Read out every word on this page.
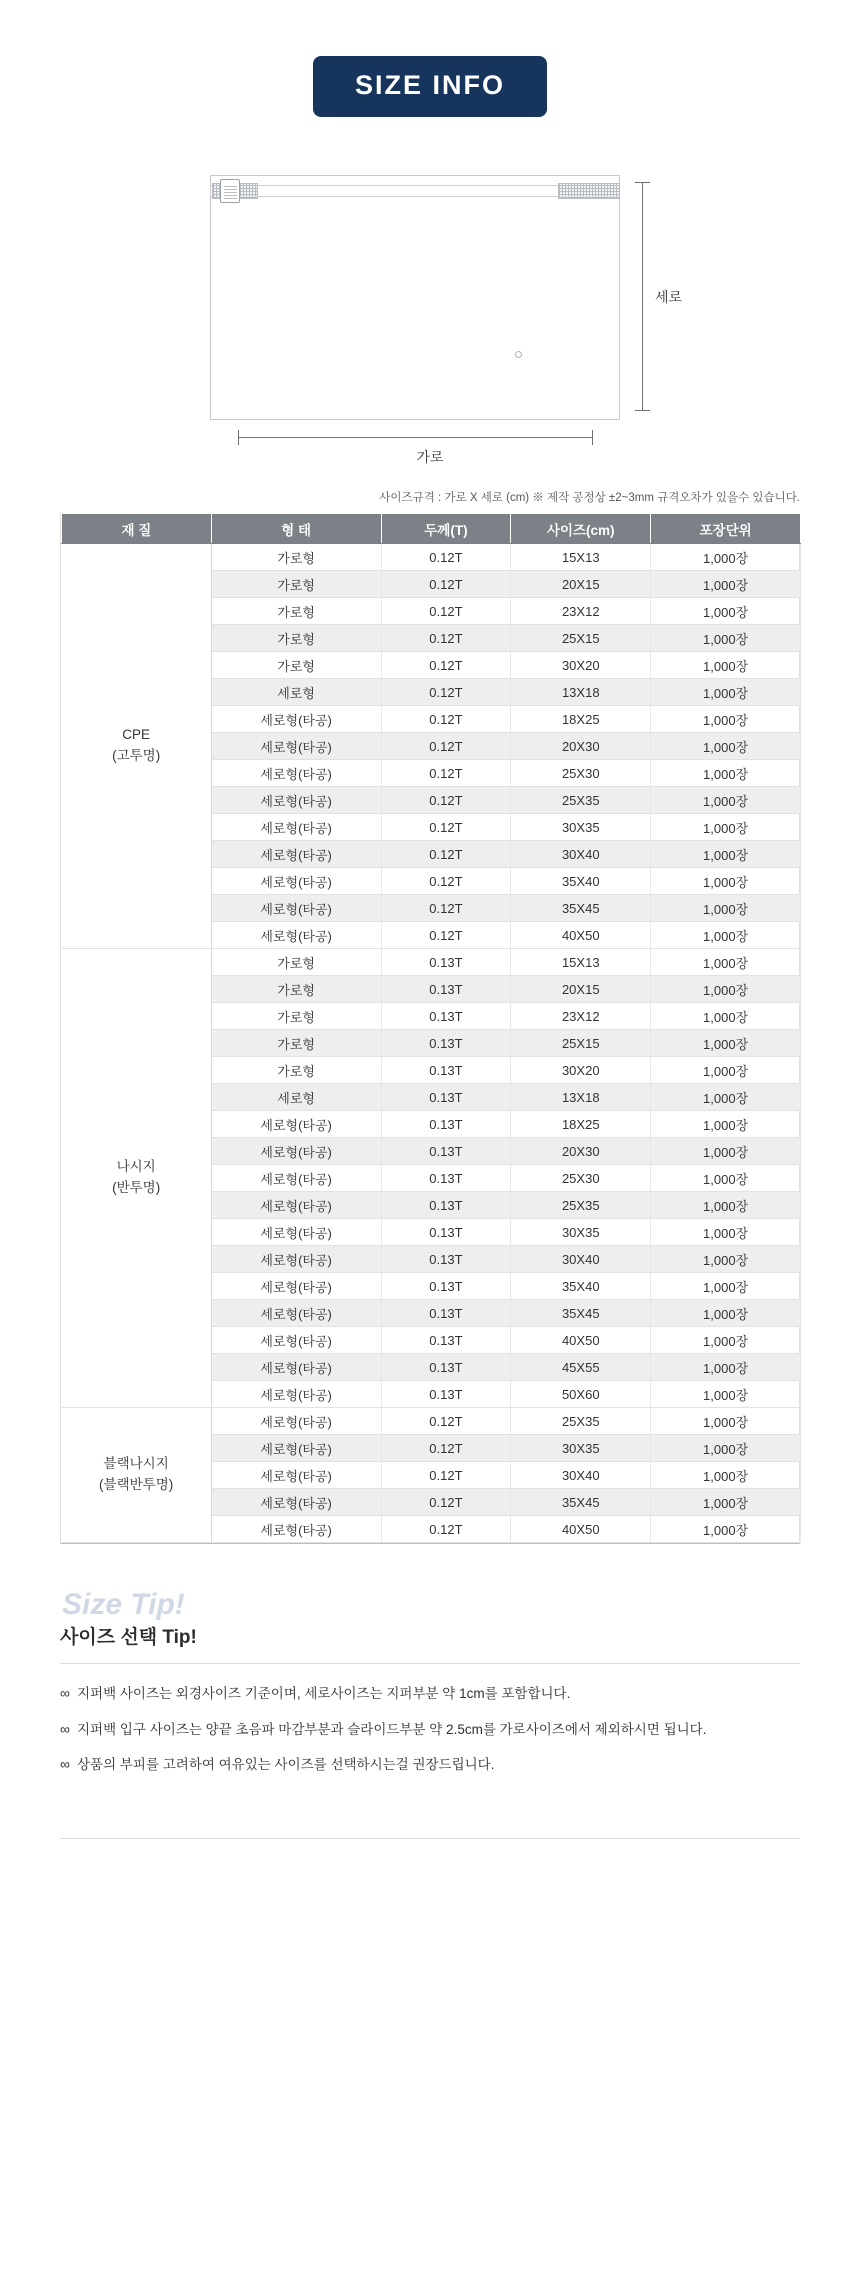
SIZE INFO
세로
가로
사이즈규격 : 가로 X 세로 (cm) ※ 제작 공정상 ±2~3mm 규격오차가 있을수 있습니다.
재 질	형 태	두께(T)	사이즈(cm)	포장단위

CPE
(고투명)	가로형	0.12T	15X13	1,000장
	가로형	0.12T	20X15	1,000장
	가로형	0.12T	23X12	1,000장
	가로형	0.12T	25X15	1,000장
	가로형	0.12T	30X20	1,000장
	세로형	0.12T	13X18	1,000장
	세로형(타공)	0.12T	18X25	1,000장
	세로형(타공)	0.12T	20X30	1,000장
	세로형(타공)	0.12T	25X30	1,000장
	세로형(타공)	0.12T	25X35	1,000장
	세로형(타공)	0.12T	30X35	1,000장
	세로형(타공)	0.12T	30X40	1,000장
	세로형(타공)	0.12T	35X40	1,000장
	세로형(타공)	0.12T	35X45	1,000장
	세로형(타공)	0.12T	40X50	1,000장

나시지
(반투명)	가로형	0.13T	15X13	1,000장
	가로형	0.13T	20X15	1,000장
	가로형	0.13T	23X12	1,000장
	가로형	0.13T	25X15	1,000장
	가로형	0.13T	30X20	1,000장
	세로형	0.13T	13X18	1,000장
	세로형(타공)	0.13T	18X25	1,000장
	세로형(타공)	0.13T	20X30	1,000장
	세로형(타공)	0.13T	25X30	1,000장
	세로형(타공)	0.13T	25X35	1,000장
	세로형(타공)	0.13T	30X35	1,000장
	세로형(타공)	0.13T	30X40	1,000장
	세로형(타공)	0.13T	35X40	1,000장
	세로형(타공)	0.13T	35X45	1,000장
	세로형(타공)	0.13T	40X50	1,000장
	세로형(타공)	0.13T	45X55	1,000장
	세로형(타공)	0.13T	50X60	1,000장

블랙나시지
(블랙반투명)	세로형(타공)	0.12T	25X35	1,000장
	세로형(타공)	0.12T	30X35	1,000장
	세로형(타공)	0.12T	30X40	1,000장
	세로형(타공)	0.12T	35X45	1,000장
	세로형(타공)	0.12T	40X50	1,000장
Size Tip!
사이즈 선택 Tip!
∞ 지퍼백 사이즈는 외경사이즈 기준이며, 세로사이즈는 지퍼부분 약 1cm를 포함합니다.
∞ 지퍼백 입구 사이즈는 양끝 초음파 마감부분과 슬라이드부분 약 2.5cm를 가로사이즈에서 제외하시면 됩니다.
∞ 상품의 부피를 고려하여 여유있는 사이즈를 선택하시는걸 권장드립니다.
